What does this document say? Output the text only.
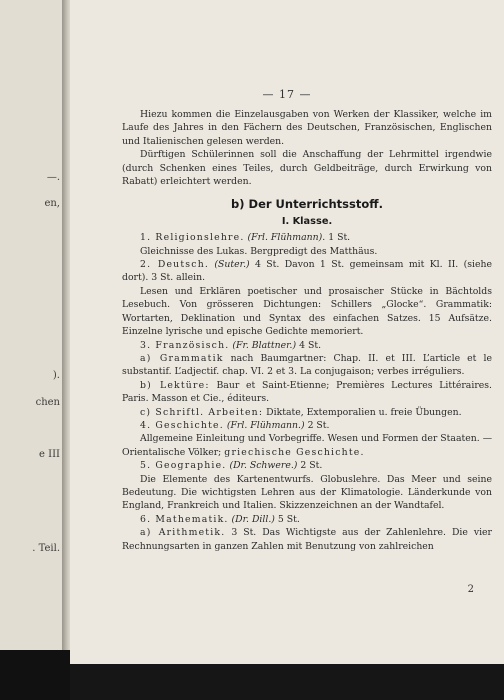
—.
en,
).
chen
e III
. Teil.
— 17 —

Hiezu kommen die Einzelausgaben von Werken der Klassiker, welche im Laufe des Jahres in den Fächern des Deutschen, Französischen, Englischen und Italienischen gelesen werden.

Dürftigen Schülerinnen soll die Anschaffung der Lehrmittel irgendwie (durch Schenken eines Teiles, durch Geldbeiträge, durch Erwirkung von Rabatt) erleichtert werden.

b) Der Unterrichtsstoff.
I. Klasse.

1. Religionslehre. (Frl. Flühmann). 1 St.

Gleichnisse des Lukas. Bergpredigt des Matthäus.

2. Deutsch. (Suter.) 4 St. Davon 1 St. gemeinsam mit Kl. II. (siehe dort). 3 St. allein.

Lesen und Erklären poetischer und prosaischer Stücke in Bächtolds Lesebuch. Von grösseren Dichtungen: Schillers „Glocke“. Grammatik: Wortarten, Deklination und Syntax des einfachen Satzes. 15 Aufsätze. Einzelne lyrische und epische Gedichte memoriert.

3. Französisch. (Fr. Blattner.) 4 St.

a) Grammatik nach Baumgartner: Chap. II. et III. L’article et le substantif. L’adjectif. chap. VI. 2 et 3. La conjugaison; verbes irréguliers.

b) Lektüre: Baur et Saint-Etienne; Premières Lectures Littéraires. Paris. Masson et Cie., éditeurs.

c) Schriftl. Arbeiten: Diktate, Extemporalien u. freie Übungen.

4. Geschichte. (Frl. Flühmann.) 2 St.

Allgemeine Einleitung und Vorbegriffe. Wesen und Formen der Staaten. — Orientalische Völker; griechische Geschichte.

5. Geographie. (Dr. Schwere.) 2 St.

Die Elemente des Kartenentwurfs. Globuslehre. Das Meer und seine Bedeutung. Die wichtigsten Lehren aus der Klimatologie. Länderkunde von England, Frankreich und Italien. Skizzenzeichnen an der Wandtafel.

6. Mathematik. (Dr. Dill.) 5 St.

a) Arithmetik. 3 St. Das Wichtigste aus der Zahlenlehre. Die vier Rechnungsarten in ganzen Zahlen mit Benutzung von zahlreichen

2
